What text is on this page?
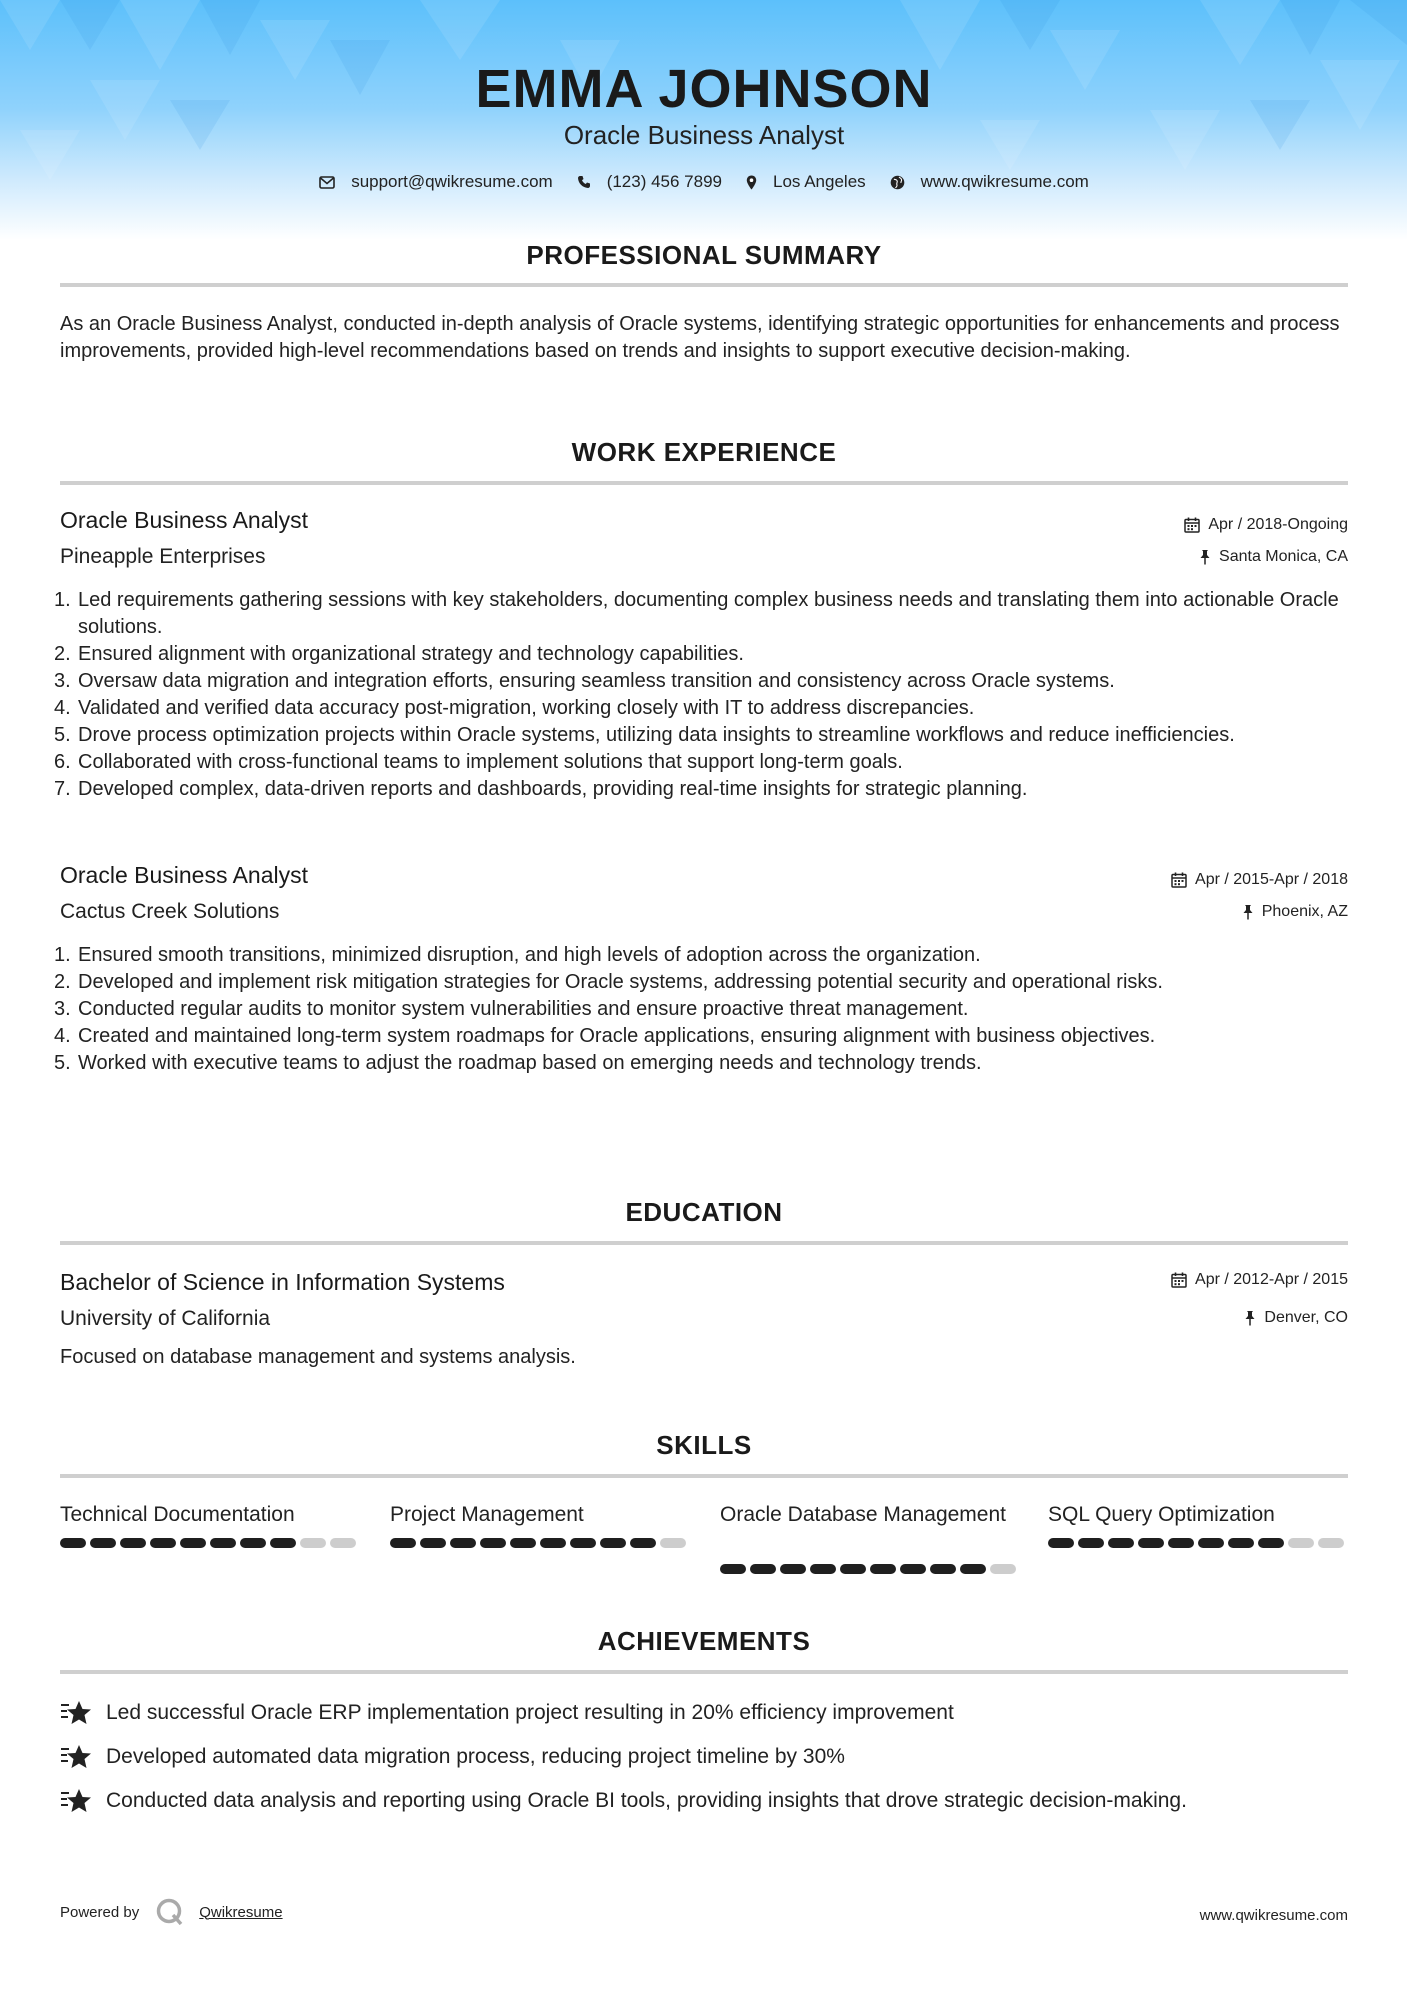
EMMA JOHNSON
Oracle Business Analyst
support@qwikresume.com	(123) 456 7899	Los Angeles	www.qwikresume.com
PROFESSIONAL SUMMARY
As an Oracle Business Analyst, conducted in-depth analysis of Oracle systems, identifying strategic opportunities for enhancements and process improvements, provided high-level recommendations based on trends and insights to support executive decision-making.
WORK EXPERIENCE
Oracle Business Analyst	Apr / 2018-Ongoing
Pineapple Enterprises	Santa Monica, CA
1. Led requirements gathering sessions with key stakeholders, documenting complex business needs and translating them into actionable Oracle solutions.
2. Ensured alignment with organizational strategy and technology capabilities.
3. Oversaw data migration and integration efforts, ensuring seamless transition and consistency across Oracle systems.
4. Validated and verified data accuracy post-migration, working closely with IT to address discrepancies.
5. Drove process optimization projects within Oracle systems, utilizing data insights to streamline workflows and reduce inefficiencies.
6. Collaborated with cross-functional teams to implement solutions that support long-term goals.
7. Developed complex, data-driven reports and dashboards, providing real-time insights for strategic planning.
Oracle Business Analyst	Apr / 2015-Apr / 2018
Cactus Creek Solutions	Phoenix, AZ
1. Ensured smooth transitions, minimized disruption, and high levels of adoption across the organization.
2. Developed and implement risk mitigation strategies for Oracle systems, addressing potential security and operational risks.
3. Conducted regular audits to monitor system vulnerabilities and ensure proactive threat management.
4. Created and maintained long-term system roadmaps for Oracle applications, ensuring alignment with business objectives.
5. Worked with executive teams to adjust the roadmap based on emerging needs and technology trends.
EDUCATION
Bachelor of Science in Information Systems	Apr / 2012-Apr / 2015
University of California	Denver, CO
Focused on database management and systems analysis.
SKILLS
Technical Documentation	Project Management	Oracle Database Management	SQL Query Optimization
ACHIEVEMENTS
Led successful Oracle ERP implementation project resulting in 20% efficiency improvement
Developed automated data migration process, reducing project timeline by 30%
Conducted data analysis and reporting using Oracle BI tools, providing insights that drove strategic decision-making.
Powered by	Qwikresume	www.qwikresume.com
